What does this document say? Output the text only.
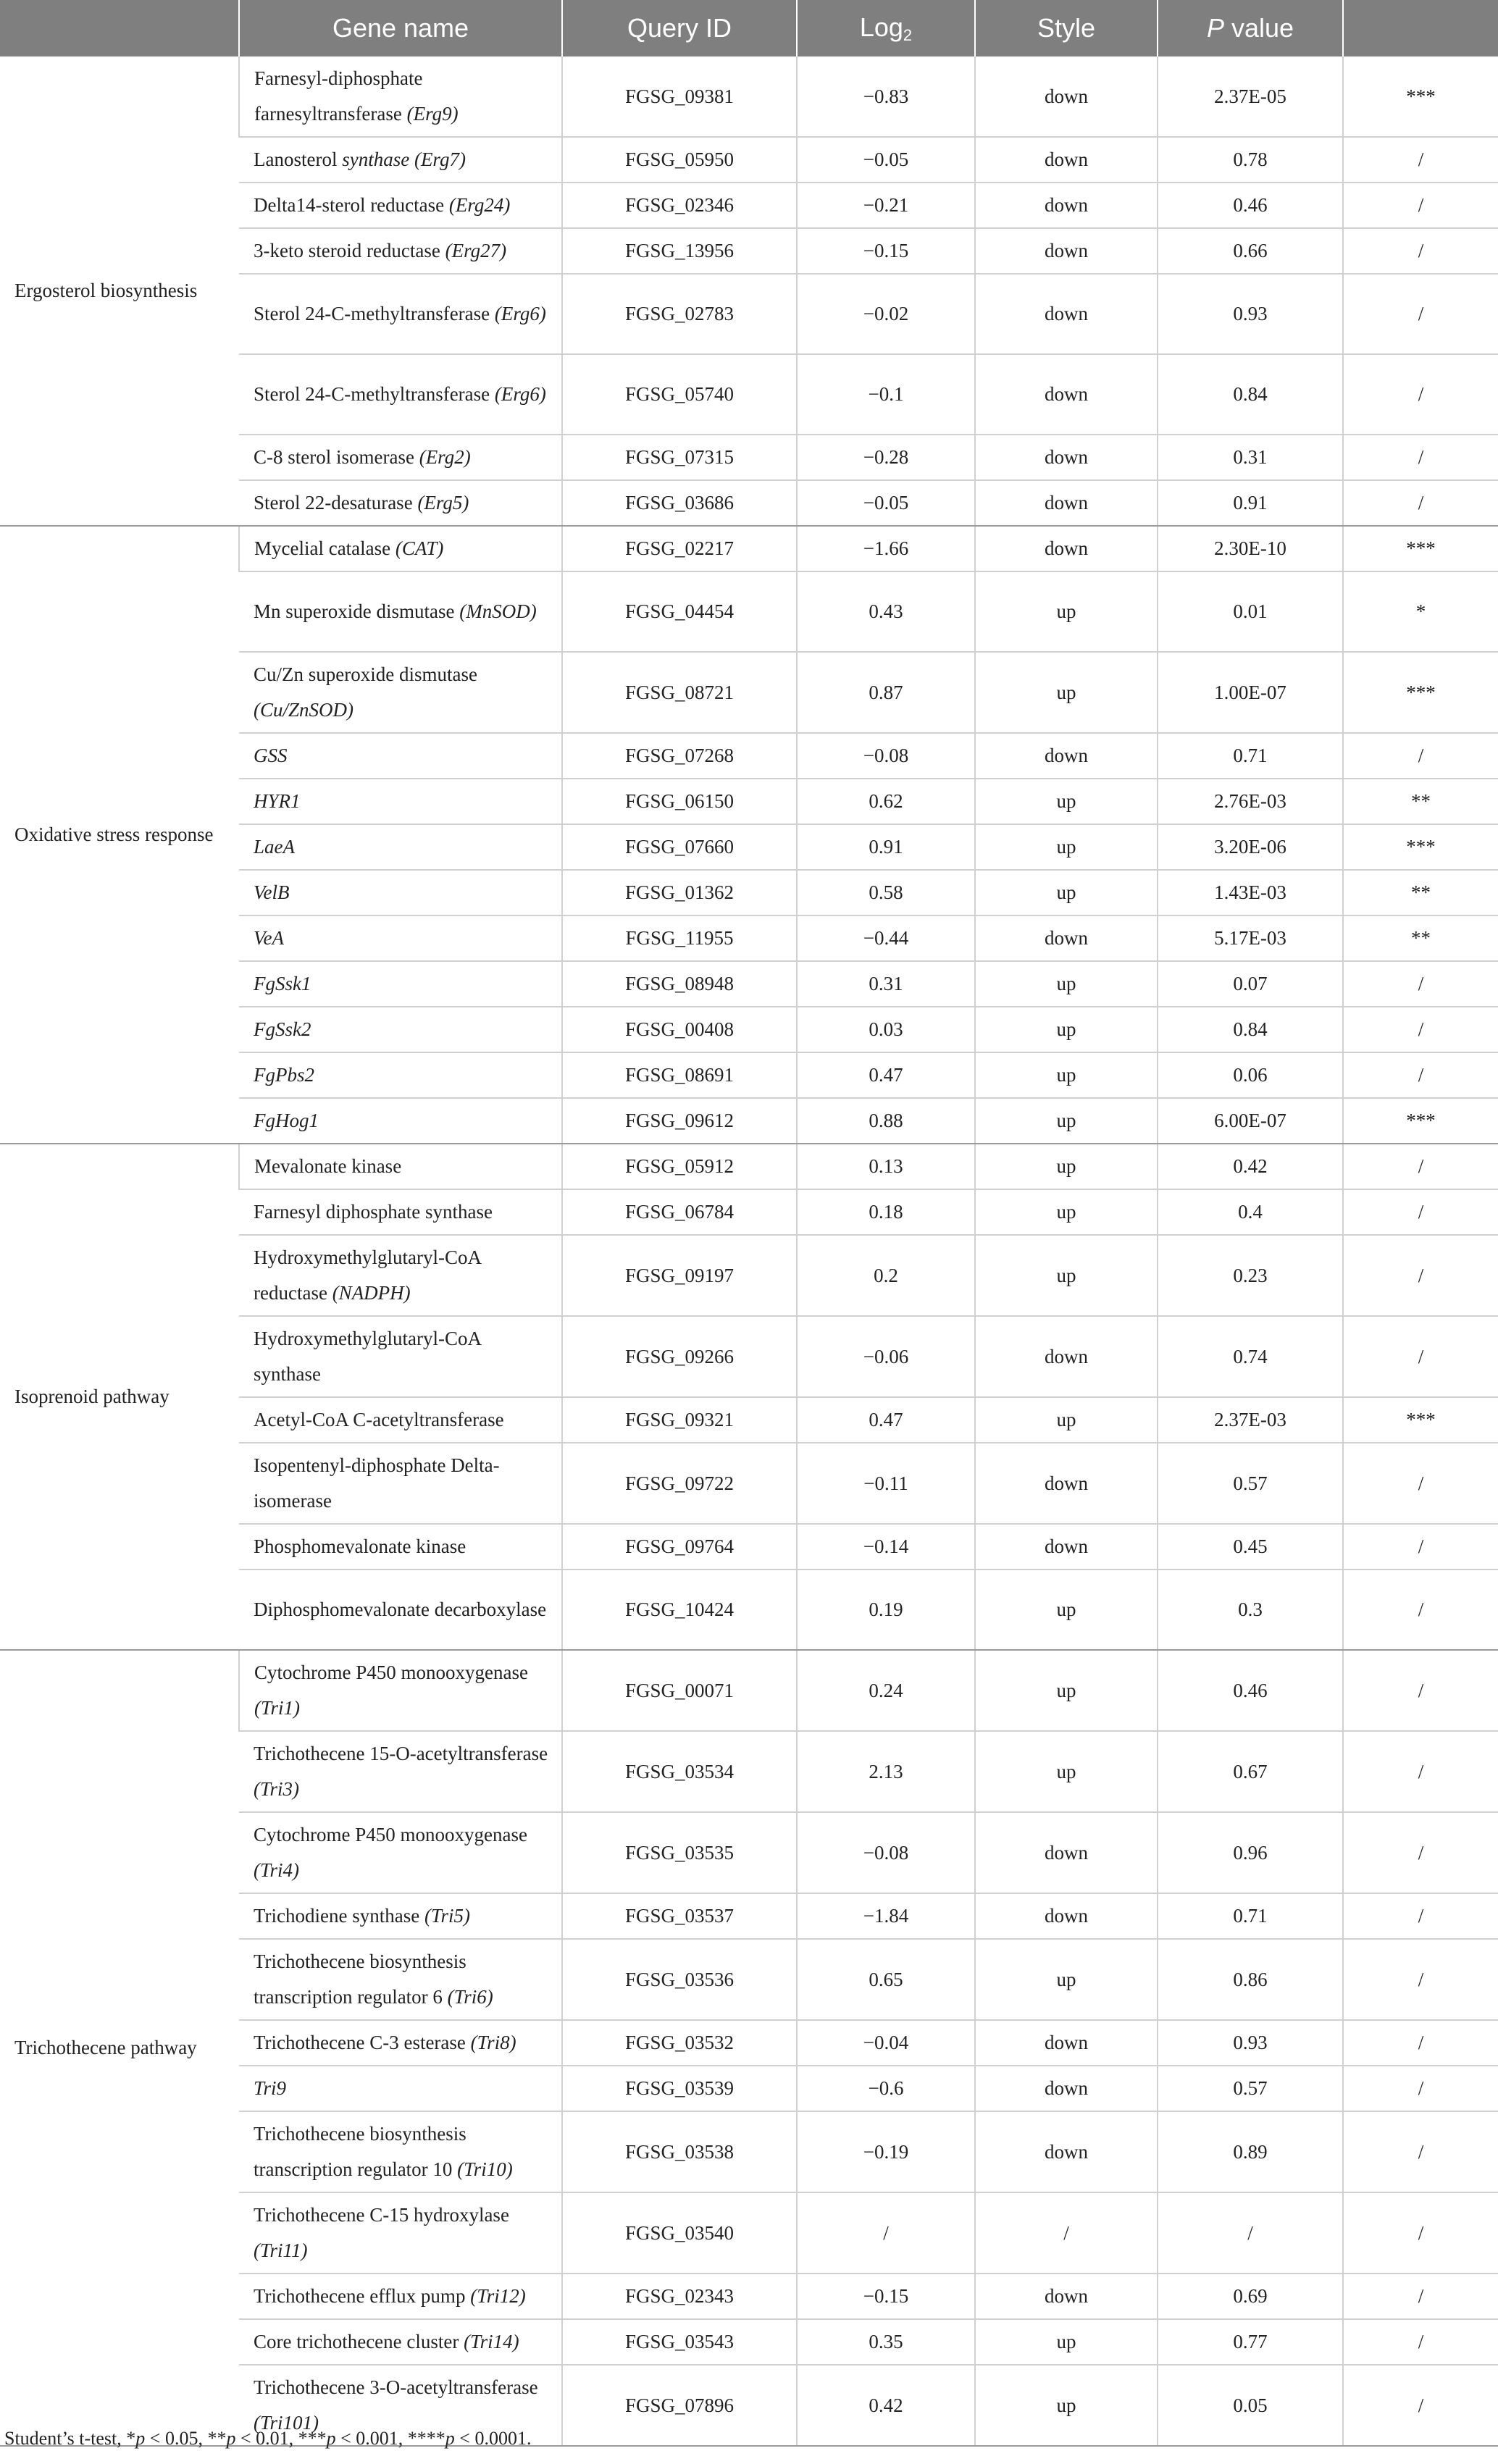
	Gene name	Query ID	Log$_2$	Style	P value	
Ergosterol biosynthesis	Farnesyl-diphosphate farnesyltransferase (Erg9)	FGSG_09381	−0.83	down	2.37E-05	***
	Lanosterol synthase (Erg7)	FGSG_05950	−0.05	down	0.78	/
	Delta14-sterol reductase (Erg24)	FGSG_02346	−0.21	down	0.46	/
	3-keto steroid reductase (Erg27)	FGSG_13956	−0.15	down	0.66	/
	Sterol 24-C-methyltransferase (Erg6)	FGSG_02783	−0.02	down	0.93	/
	Sterol 24-C-methyltransferase (Erg6)	FGSG_05740	−0.1	down	0.84	/
	C-8 sterol isomerase (Erg2)	FGSG_07315	−0.28	down	0.31	/
	Sterol 22-desaturase (Erg5)	FGSG_03686	−0.05	down	0.91	/
Oxidative stress response	Mycelial catalase (CAT)	FGSG_02217	−1.66	down	2.30E-10	***
	Mn superoxide dismutase (MnSOD)	FGSG_04454	0.43	up	0.01	*
	Cu/Zn superoxide dismutase (Cu/ZnSOD)	FGSG_08721	0.87	up	1.00E-07	***
	GSS	FGSG_07268	−0.08	down	0.71	/
	HYR1	FGSG_06150	0.62	up	2.76E-03	**
	LaeA	FGSG_07660	0.91	up	3.20E-06	***
	VelB	FGSG_01362	0.58	up	1.43E-03	**
	VeA	FGSG_11955	−0.44	down	5.17E-03	**
	FgSsk1	FGSG_08948	0.31	up	0.07	/
	FgSsk2	FGSG_00408	0.03	up	0.84	/
	FgPbs2	FGSG_08691	0.47	up	0.06	/
	FgHog1	FGSG_09612	0.88	up	6.00E-07	***
Isoprenoid pathway	Mevalonate kinase	FGSG_05912	0.13	up	0.42	/
	Farnesyl diphosphate synthase	FGSG_06784	0.18	up	0.4	/
	Hydroxymethylglutaryl-CoA reductase (NADPH)	FGSG_09197	0.2	up	0.23	/
	Hydroxymethylglutaryl-CoA synthase	FGSG_09266	−0.06	down	0.74	/
	Acetyl-CoA C-acetyltransferase	FGSG_09321	0.47	up	2.37E-03	***
	Isopentenyl-diphosphate Delta-isomerase	FGSG_09722	−0.11	down	0.57	/
	Phosphomevalonate kinase	FGSG_09764	−0.14	down	0.45	/
	Diphosphomevalonate decarboxylase	FGSG_10424	0.19	up	0.3	/
Trichothecene pathway	Cytochrome P450 monooxygenase (Tri1)	FGSG_00071	0.24	up	0.46	/
	Trichothecene 15-O-acetyltransferase (Tri3)	FGSG_03534	2.13	up	0.67	/
	Cytochrome P450 monooxygenase (Tri4)	FGSG_03535	−0.08	down	0.96	/
	Trichodiene synthase (Tri5)	FGSG_03537	−1.84	down	0.71	/
	Trichothecene biosynthesis transcription regulator 6 (Tri6)	FGSG_03536	0.65	up	0.86	/
	Trichothecene C-3 esterase (Tri8)	FGSG_03532	−0.04	down	0.93	/
	Tri9	FGSG_03539	−0.6	down	0.57	/
	Trichothecene biosynthesis transcription regulator 10 (Tri10)	FGSG_03538	−0.19	down	0.89	/
	Trichothecene C-15 hydroxylase (Tri11)	FGSG_03540	/	/	/	/
	Trichothecene efflux pump (Tri12)	FGSG_02343	−0.15	down	0.69	/
	Core trichothecene cluster (Tri14)	FGSG_03543	0.35	up	0.77	/
	Trichothecene 3-O-acetyltransferase (Tri101)	FGSG_07896	0.42	up	0.05	/
Student’s t-test, *p < 0.05, **p < 0.01, ***p < 0.001, ****p < 0.0001.
